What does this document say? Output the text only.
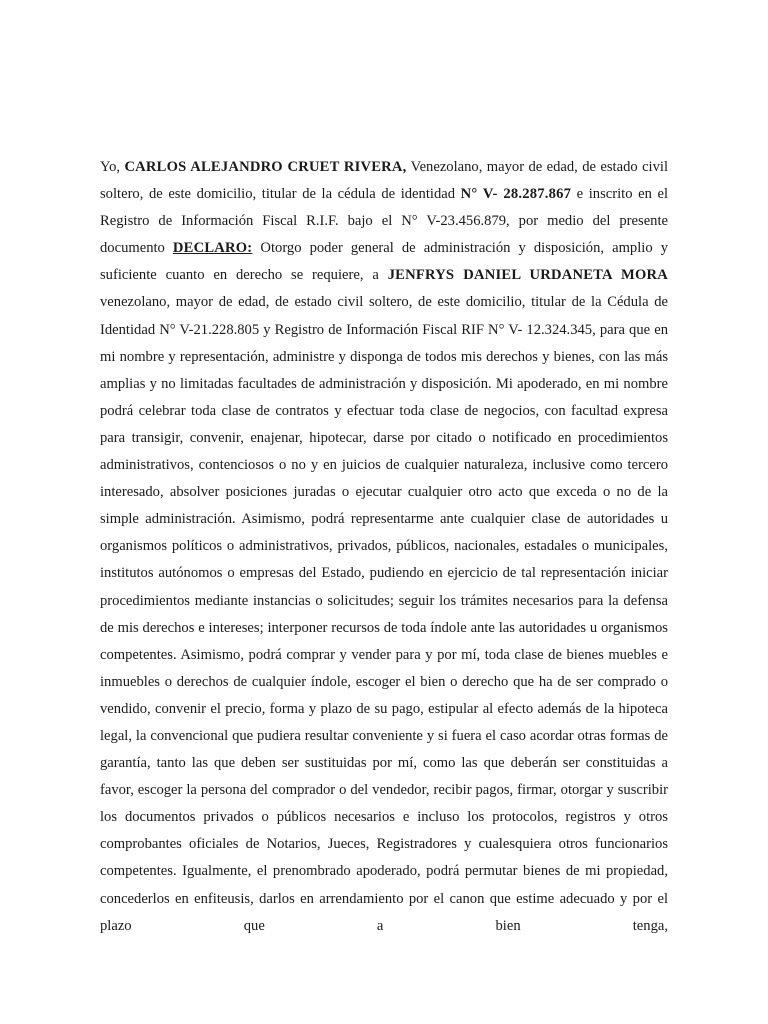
Yo, CARLOS ALEJANDRO CRUET RIVERA, Venezolano, mayor de edad, de estado civil soltero, de este domicilio, titular de la cédula de identidad N° V- 28.287.867 e inscrito en el Registro de Información Fiscal R.I.F. bajo el N° V-23.456.879, por medio del presente documento DECLARO: Otorgo poder general de administración y disposición, amplio y suficiente cuanto en derecho se requiere, a JENFRYS DANIEL URDANETA MORA venezolano, mayor de edad, de estado civil soltero, de este domicilio, titular de la Cédula de Identidad N° V-21.228.805 y Registro de Información Fiscal RIF N° V- 12.324.345, para que en mi nombre y representación, administre y disponga de todos mis derechos y bienes, con las más amplias y no limitadas facultades de administración y disposición. Mi apoderado, en mi nombre podrá celebrar toda clase de contratos y efectuar toda clase de negocios, con facultad expresa para transigir, convenir, enajenar, hipotecar, darse por citado o notificado en procedimientos administrativos, contenciosos o no y en juicios de cualquier naturaleza, inclusive como tercero interesado, absolver posiciones juradas o ejecutar cualquier otro acto que exceda o no de la simple administración. Asimismo, podrá representarme ante cualquier clase de autoridades u organismos políticos o administrativos, privados, públicos, nacionales, estadales o municipales, institutos autónomos o empresas del Estado, pudiendo en ejercicio de tal representación iniciar procedimientos mediante instancias o solicitudes; seguir los trámites necesarios para la defensa de mis derechos e intereses; interponer recursos de toda índole ante las autoridades u organismos competentes. Asimismo, podrá comprar y vender para y por mí, toda clase de bienes muebles e inmuebles o derechos de cualquier índole, escoger el bien o derecho que ha de ser comprado o vendido, convenir el precio, forma y plazo de su pago, estipular al efecto además de la hipoteca legal, la convencional que pudiera resultar conveniente y si fuera el caso acordar otras formas de garantía, tanto las que deben ser sustituidas por mí, como las que deberán ser constituidas a favor, escoger la persona del comprador o del vendedor, recibir pagos, firmar, otorgar y suscribir los documentos privados o públicos necesarios e incluso los protocolos, registros y otros comprobantes oficiales de Notarios, Jueces, Registradores y cualesquiera otros funcionarios competentes. Igualmente, el prenombrado apoderado, podrá permutar bienes de mi propiedad, concederlos en enfiteusis, darlos en arrendamiento por el canon que estime adecuado y por el plazo que a bien tenga,
